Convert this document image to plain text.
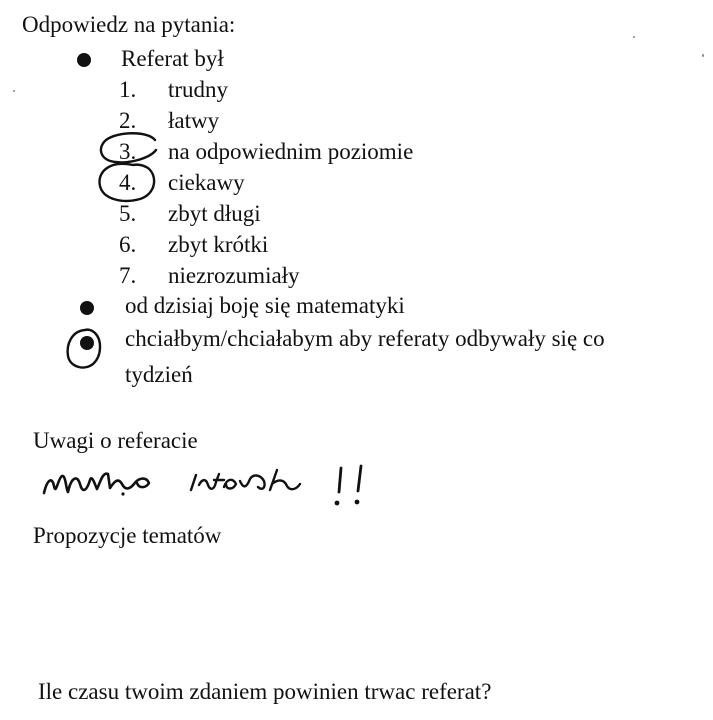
Odpowiedz na pytania:
Referat był
1. trudny
2. łatwy
3. na odpowiednim poziomie
4. ciekawy
5. zbyt długi
6. zbyt krótki
7. niezrozumiały
od dzisiaj boję się matematyki
chciałbym/chciałabym aby referaty odbywały się co
tydzień
Uwagi o referacie
Propozycje tematów
Ile czasu twoim zdaniem powinien trwac referat?
